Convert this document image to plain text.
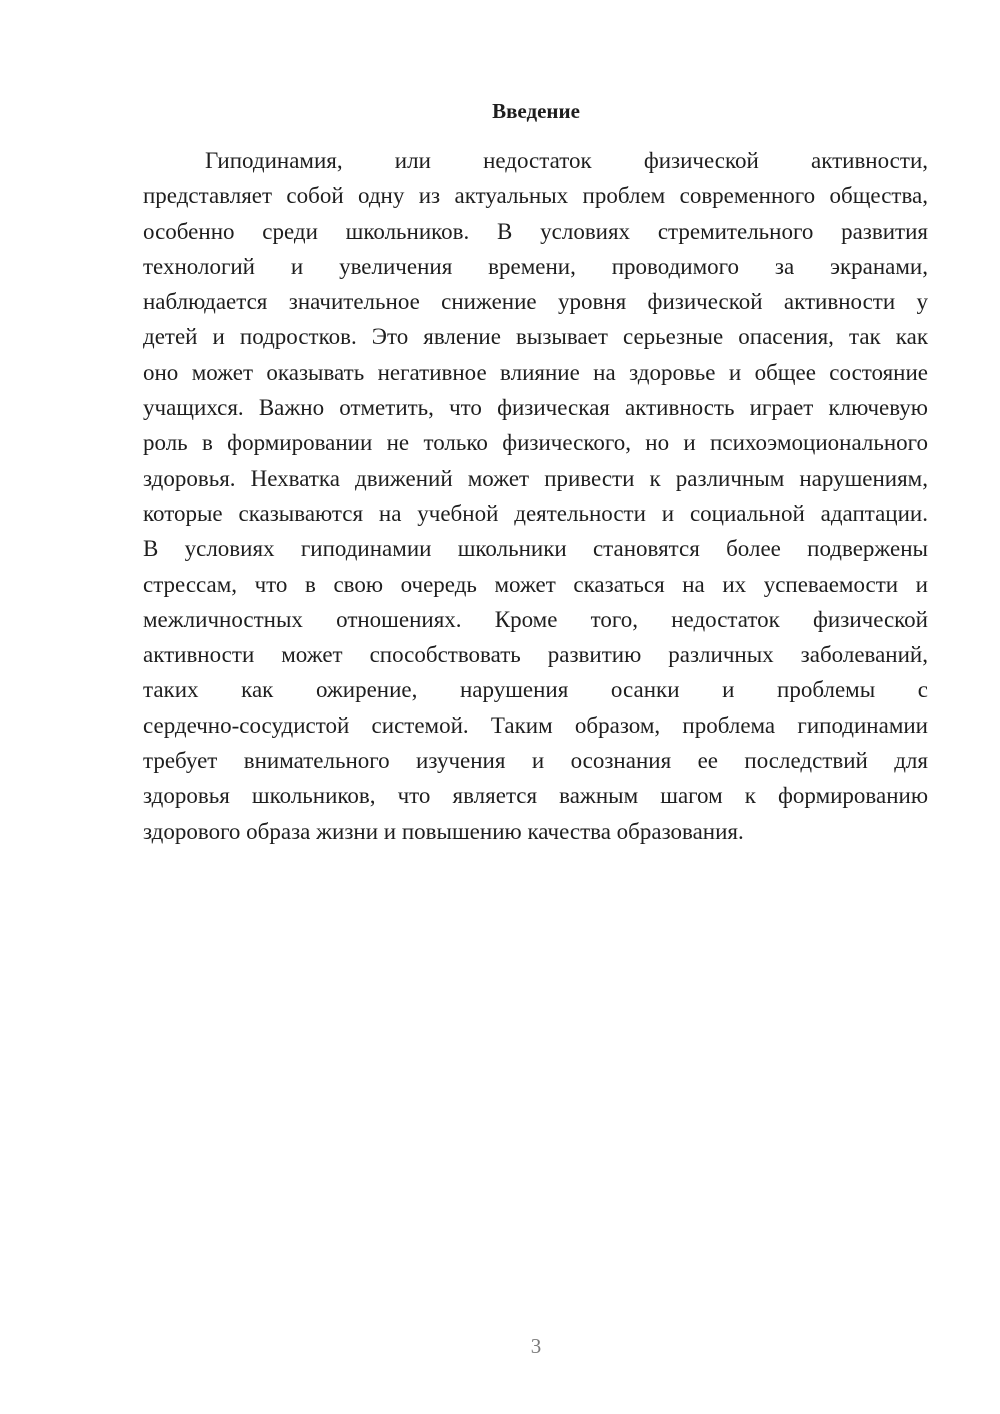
Введение
Гиподинамия, или недостаток физической активности,
представляет собой одну из актуальных проблем современного общества,
особенно среди школьников. В условиях стремительного развития
технологий и увеличения времени, проводимого за экранами,
наблюдается значительное снижение уровня физической активности у
детей и подростков. Это явление вызывает серьезные опасения, так как
оно может оказывать негативное влияние на здоровье и общее состояние
учащихся. Важно отметить, что физическая активность играет ключевую
роль в формировании не только физического, но и психоэмоционального
здоровья. Нехватка движений может привести к различным нарушениям,
которые сказываются на учебной деятельности и социальной адаптации.
В условиях гиподинамии школьники становятся более подвержены
стрессам, что в свою очередь может сказаться на их успеваемости и
межличностных отношениях. Кроме того, недостаток физической
активности может способствовать развитию различных заболеваний,
таких как ожирение, нарушения осанки и проблемы с
сердечно-сосудистой системой. Таким образом, проблема гиподинамии
требует внимательного изучения и осознания ее последствий для
здоровья школьников, что является важным шагом к формированию
здорового образа жизни и повышению качества образования.
3
